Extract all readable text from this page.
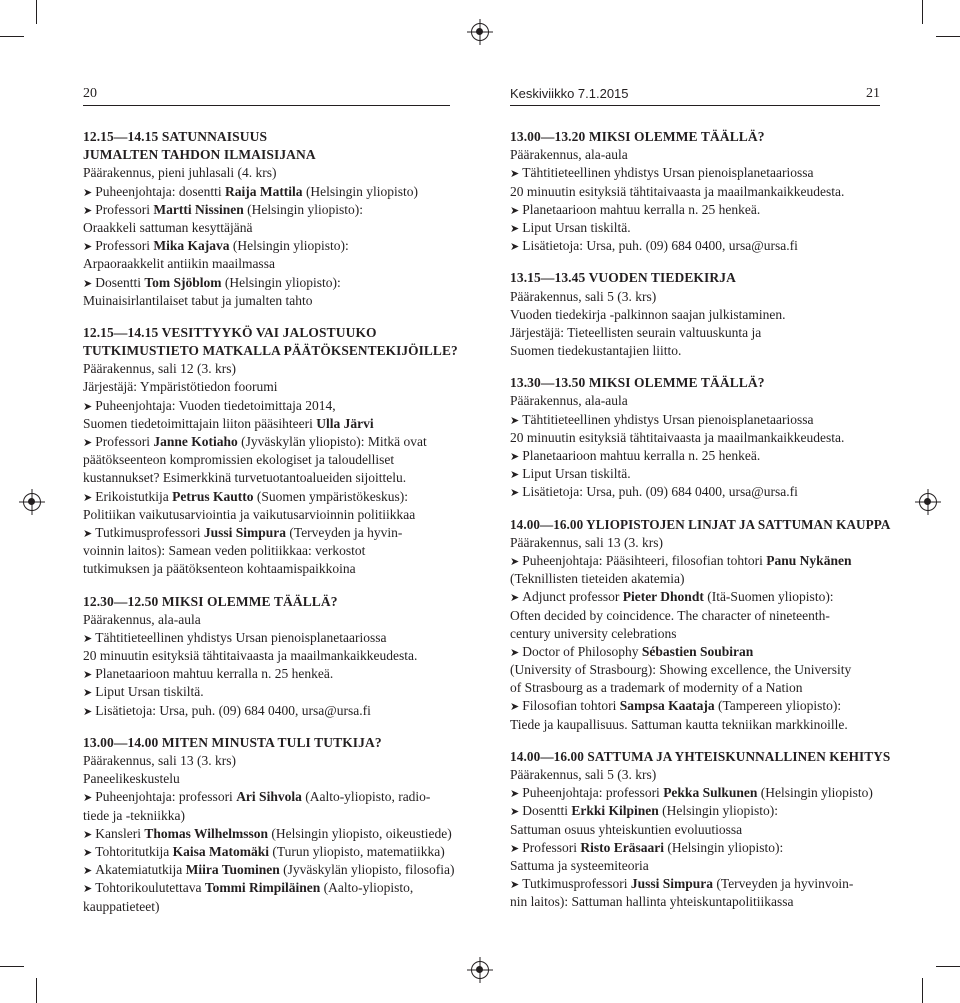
20	Keskiviikko 7.1.2015	21
12.15—14.15 SATUNNAISUUS
JUMALTEN TAHDON ILMAISIJANA
Päärakennus, pieni juhlasali (4. krs)
➤ Puheenjohtaja: dosentti Raija Mattila (Helsingin yliopisto)
➤ Professori Martti Nissinen (Helsingin yliopisto):
Oraakkeli sattuman kesyttäjänä
➤ Professori Mika Kajava (Helsingin yliopisto):
Arpaoraakkelit antiikin maailmassa
➤ Dosentti Tom Sjöblom (Helsingin yliopisto):
Muinaisirlantilaiset tabut ja jumalten tahto
12.15—14.15 VESITTYYKÖ VAI JALOSTUUKO
TUTKIMUSTIETO MATKALLA PÄÄTÖKSENTEKIJÖILLE?
Päärakennus, sali 12 (3. krs)
Järjestäjä: Ympäristötiedon foorumi
➤ Puheenjohtaja: Vuoden tiedetoimittaja 2014,
Suomen tiedetoimittajain liiton pääsihteeri Ulla Järvi
➤ Professori Janne Kotiaho (Jyväskylän yliopisto): Mitkä ovat
päätökseenteon kompromissien ekologiset ja taloudelliset
kustannukset? Esimerkkinä turvetuotantoalueiden sijoittelu.
➤ Erikoistutkija Petrus Kautto (Suomen ympäristökeskus):
Politiikan vaikutusarviointia ja vaikutusarvioinnin politiikkaa
➤ Tutkimusprofessori Jussi Simpura (Terveyden ja hyvin-
voinnin laitos): Samean veden politiikkaa: verkostot
tutkimuksen ja päätöksenteon kohtaamispaikkoina
12.30—12.50 MIKSI OLEMME TÄÄLLÄ?
Päärakennus, ala-aula
➤ Tähtitieteellinen yhdistys Ursan pienoisplanetaariossa
20 minuutin esityksiä tähtitaivaasta ja maailmankaikkeudesta.
➤ Planetaarioon mahtuu kerralla n. 25 henkeä.
➤ Liput Ursan tiskiltä.
➤ Lisätietoja: Ursa, puh. (09) 684 0400, ursa@ursa.fi
13.00—14.00 MITEN MINUSTA TULI TUTKIJA?
Päärakennus, sali 13 (3. krs)
Paneelikeskustelu
➤ Puheenjohtaja: professori Ari Sihvola (Aalto-yliopisto, radio-
tiede ja -tekniikka)
➤ Kansleri Thomas Wilhelmsson (Helsingin yliopisto, oikeustiede)
➤ Tohtoritutkija Kaisa Matomäki (Turun yliopisto, matematiikka)
➤ Akatemiatutkija Miira Tuominen (Jyväskylän yliopisto, filosofia)
➤ Tohtorikoulutettava Tommi Rimpiläinen (Aalto-yliopisto,
kauppatieteet)
13.00—13.20 MIKSI OLEMME TÄÄLLÄ?
Päärakennus, ala-aula
➤ Tähtitieteellinen yhdistys Ursan pienoisplanetaariossa
20 minuutin esityksiä tähtitaivaasta ja maailmankaikkeudesta.
➤ Planetaarioon mahtuu kerralla n. 25 henkeä.
➤ Liput Ursan tiskiltä.
➤ Lisätietoja: Ursa, puh. (09) 684 0400, ursa@ursa.fi
13.15—13.45 VUODEN TIEDEKIRJA
Päärakennus, sali 5 (3. krs)
Vuoden tiedekirja -palkinnon saajan julkistaminen.
Järjestäjä: Tieteellisten seurain valtuuskunta ja
Suomen tiedekustantajien liitto.
13.30—13.50 MIKSI OLEMME TÄÄLLÄ?
Päärakennus, ala-aula
➤ Tähtitieteellinen yhdistys Ursan pienoisplanetaariossa
20 minuutin esityksiä tähtitaivaasta ja maailmankaikkeudesta.
➤ Planetaarioon mahtuu kerralla n. 25 henkeä.
➤ Liput Ursan tiskiltä.
➤ Lisätietoja: Ursa, puh. (09) 684 0400, ursa@ursa.fi
14.00—16.00 YLIOPISTOJEN LINJAT JA SATTUMAN KAUPPA
Päärakennus, sali 13 (3. krs)
➤ Puheenjohtaja: Pääsihteeri, filosofian tohtori Panu Nykänen
(Teknillisten tieteiden akatemia)
➤ Adjunct professor Pieter Dhondt (Itä-Suomen yliopisto):
Often decided by coincidence. The character of nineteenth-
century university celebrations
➤ Doctor of Philosophy Sébastien Soubiran
(University of Strasbourg): Showing excellence, the University
of Strasbourg as a trademark of modernity of a Nation
➤ Filosofian tohtori Sampsa Kaataja (Tampereen yliopisto):
Tiede ja kaupallisuus. Sattuman kautta tekniikan markkinoille.
14.00—16.00 SATTUMA JA YHTEISKUNNALLINEN KEHITYS
Päärakennus, sali 5 (3. krs)
➤ Puheenjohtaja: professori Pekka Sulkunen (Helsingin yliopisto)
➤ Dosentti Erkki Kilpinen (Helsingin yliopisto):
Sattuman osuus yhteiskuntien evoluutiossa
➤ Professori Risto Eräsaari (Helsingin yliopisto):
Sattuma ja systeemiteoria
➤ Tutkimusprofessori Jussi Simpura (Terveyden ja hyvinvoin-
nin laitos): Sattuman hallinta yhteiskuntapolitiikassa
